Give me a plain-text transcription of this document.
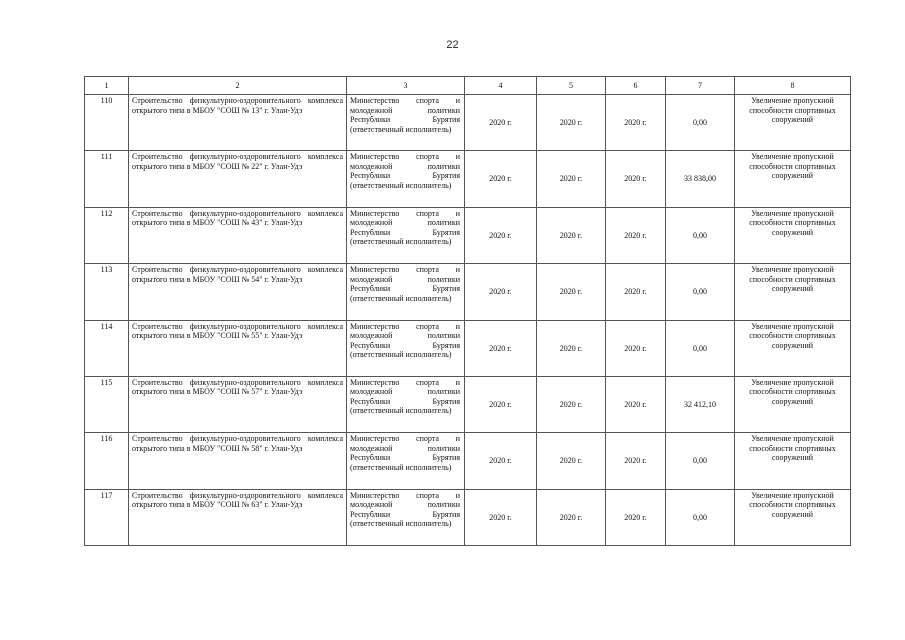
22
1	2	3	4	5	6	7	8
110	Строительство физкультурно-оздоровительного комплекса открытого типа в МБОУ "СОШ № 13" г. Улан-Удэ	Министерство спорта и молодежной политики Республики Бурятия (ответственный исполнитель)	2020 г.	2020 г.	2020 г.	0,00	Увеличение пропускной способности спортивных сооружений
111	Строительство физкультурно-оздоровительного комплекса открытого типа в МБОУ "СОШ № 22" г. Улан-Удэ	Министерство спорта и молодежной политики Республики Бурятия (ответственный исполнитель)	2020 г.	2020 г.	2020 г.	33 838,00	Увеличение пропускной способности спортивных сооружений
112	Строительство физкультурно-оздоровительного комплекса открытого типа в МБОУ "СОШ № 43" г. Улан-Удэ	Министерство спорта и молодежной политики Республики Бурятия (ответственный исполнитель)	2020 г.	2020 г.	2020 г.	0,00	Увеличение пропускной способности спортивных сооружений
113	Строительство физкультурно-оздоровительного комплекса открытого типа в МБОУ "СОШ № 54" г. Улан-Удэ	Министерство спорта и молодежной политики Республики Бурятия (ответственный исполнитель)	2020 г.	2020 г.	2020 г.	0,00	Увеличение пропускной способности спортивных сооружений
114	Строительство физкультурно-оздоровительного комплекса открытого типа в МБОУ "СОШ № 55" г. Улан-Удэ	Министерство спорта и молодежной политики Республики Бурятия (ответственный исполнитель)	2020 г.	2020 г.	2020 г.	0,00	Увеличение пропускной способности спортивных сооружений
115	Строительство физкультурно-оздоровительного комплекса открытого типа в МБОУ "СОШ № 57" г. Улан-Удэ	Министерство спорта и молодежной политики Республики Бурятия (ответственный исполнитель)	2020 г.	2020 г.	2020 г.	32 412,10	Увеличение пропускной способности спортивных сооружений
116	Строительство физкультурно-оздоровительного комплекса открытого типа в МБОУ "СОШ № 58" г. Улан-Удэ	Министерство спорта и молодежной политики Республики Бурятия (ответственный исполнитель)	2020 г.	2020 г.	2020 г.	0,00	Увеличение пропускной способности спортивных сооружений
117	Строительство физкультурно-оздоровительного комплекса открытого типа в МБОУ "СОШ № 63" г. Улан-Удэ	Министерство спорта и молодежной политики Республики Бурятия (ответственный исполнитель)	2020 г.	2020 г.	2020 г.	0,00	Увеличение пропускной способности спортивных сооружений
